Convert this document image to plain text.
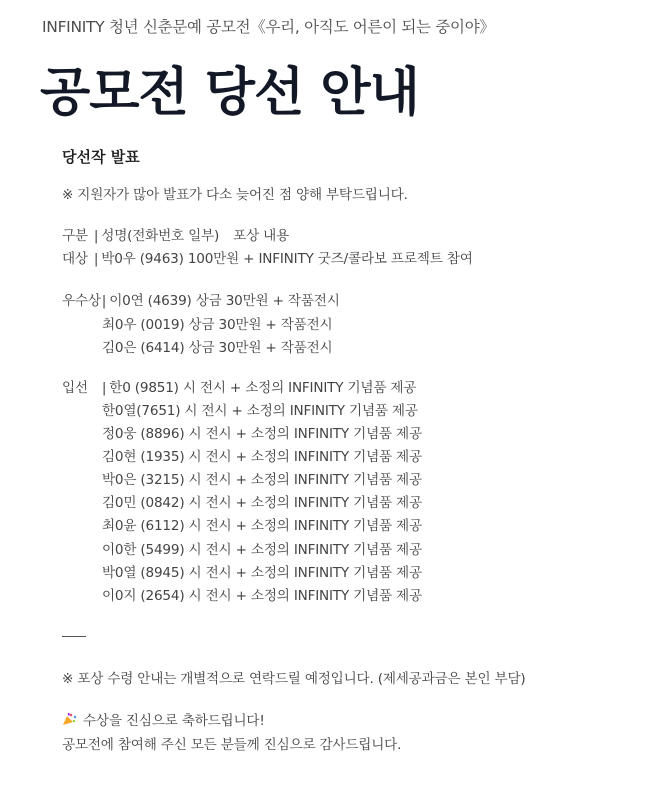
INFINITY 청년 신춘문예 공모전《우리, 아직도 어른이 되는 중이야》
공모전 당선 안내
당선작 발표
※ 지원자가 많아 발표가 다소 늦어진 점 양해 부탁드립니다.
구분 | 성명(전화번호 일부) 포상 내용
대상 | 박0우 (9463) 100만원 + INFINITY 굿즈/콜라보 프로젝트 참여
우수상| 이0연 (4639) 상금 30만원 + 작품전시
최0우 (0019) 상금 30만원 + 작품전시
김0은 (6414) 상금 30만원 + 작품전시
입선 | 한0 (9851) 시 전시 + 소정의 INFINITY 기념품 제공
한0열(7651) 시 전시 + 소정의 INFINITY 기념품 제공
정0웅 (8896) 시 전시 + 소정의 INFINITY 기념품 제공
김0현 (1935) 시 전시 + 소정의 INFINITY 기념품 제공
박0은 (3215) 시 전시 + 소정의 INFINITY 기념품 제공
김0민 (0842) 시 전시 + 소정의 INFINITY 기념품 제공
최0윤 (6112) 시 전시 + 소정의 INFINITY 기념품 제공
이0한 (5499) 시 전시 + 소정의 INFINITY 기념품 제공
박0열 (8945) 시 전시 + 소정의 INFINITY 기념품 제공
이0지 (2654) 시 전시 + 소정의 INFINITY 기념품 제공
※ 포상 수령 안내는 개별적으로 연락드릴 예정입니다. (제세공과금은 본인 부담)
수상을 진심으로 축하드립니다!
공모전에 참여해 주신 모든 분들께 진심으로 감사드립니다.
